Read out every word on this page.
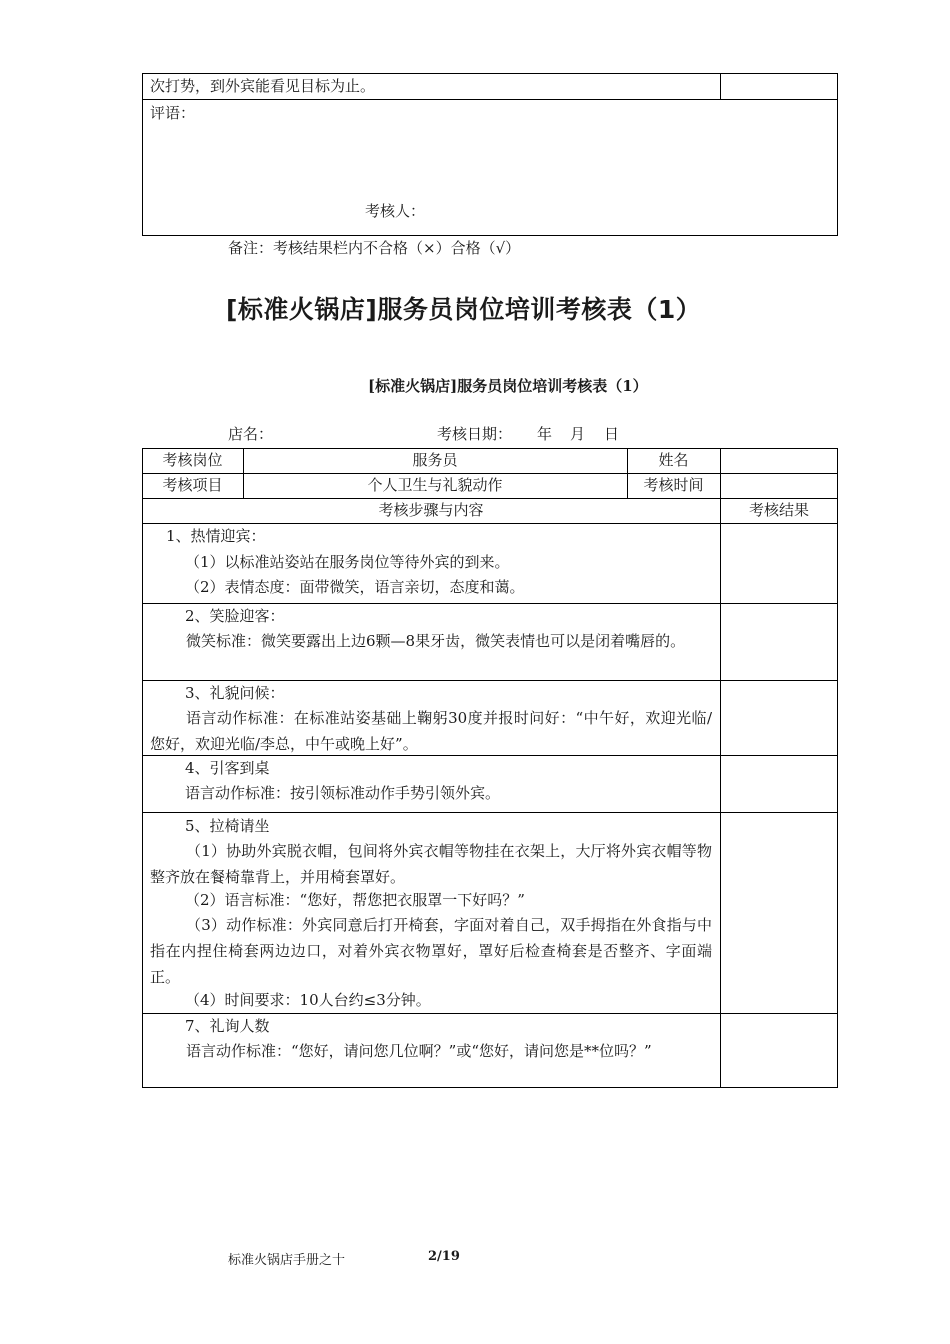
次打势，到外宾能看见目标为止。
评语：
考核人：
备注：考核结果栏内不合格（×）合格（√）
[标准火锅店]服务员岗位培训考核表（1）
[标准火锅店]服务员岗位培训考核表（1）
店名：	考核日期： 年 月 日
考核岗位	服务员	姓名
考核项目	个人卫生与礼貌动作	考核时间
考核步骤与内容	考核结果
1、热情迎宾：
（1）以标准站姿站在服务岗位等待外宾的到来。
（2）表情态度：面带微笑，语言亲切，态度和蔼。
2、笑脸迎客：
微笑标准：微笑要露出上边6颗—8果牙齿，微笑表情也可以是闭着嘴唇的。
3、礼貌问候：
语言动作标准：在标准站姿基础上鞠躬30度并报时问好：“中午好，欢迎光临/您好，欢迎光临/李总，中午或晚上好”。
4、引客到桌
语言动作标准：按引领标准动作手势引领外宾。
5、拉椅请坐
（1）协助外宾脱衣帽，包间将外宾衣帽等物挂在衣架上，大厅将外宾衣帽等物整齐放在餐椅靠背上，并用椅套罩好。
（2）语言标准：“您好，帮您把衣服罩一下好吗？”
（3）动作标准：外宾同意后打开椅套，字面对着自己，双手拇指在外食指与中指在内捏住椅套两边边口，对着外宾衣物罩好，罩好后检查椅套是否整齐、字面端正。
（4）时间要求：10人台约≤3分钟。
7、礼询人数
语言动作标准：“您好，请问您几位啊？”或“您好，请问您是**位吗？”
标准火锅店手册之十	2/19
